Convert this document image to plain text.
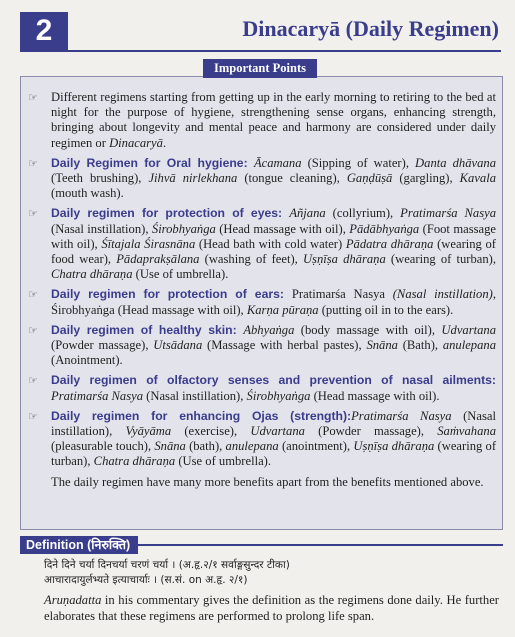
2	Dinacaryā (Daily Regimen)
Important Points
☞ Different regimens starting from getting up in the early morning to retiring to the bed at night for the purpose of hygiene, strengthening sense organs, enhancing strength, bringing about longevity and mental peace and harmony are considered under daily regimen or Dinacaryā.
☞ Daily Regimen for Oral hygiene: Ācamana (Sipping of water), Danta dhāvana (Teeth brushing), Jihvā nirlekhana (tongue cleaning), Gaṇḍūṣā (gargling), Kavala (mouth wash).
☞ Daily regimen for protection of eyes: Añjana (collyrium), Pratimarśa Nasya (Nasal instillation), Śirobhyaṅga (Head massage with oil), Pādābhyaṅga (Foot massage with oil), Śītajala Śirasnāna (Head bath with cold water) Pādatra dhāraṇa (wearing of food wear), Pādaprakṣālana (washing of feet), Uṣṇīṣa dhāraṇa (wearing of turban), Chatra dhāraṇa (Use of umbrella).
☞ Daily regimen for protection of ears: Pratimarśa Nasya (Nasal instillation), Śirobhyaṅga (Head massage with oil), Karṇa pūraṇa (putting oil in to the ears).
☞ Daily regimen of healthy skin: Abhyaṅga (body massage with oil), Udvartana (Powder massage), Utsādana (Massage with herbal pastes), Snāna (Bath), anulepana (Anointment).
☞ Daily regimen of olfactory senses and prevention of nasal ailments: Pratimarśa Nasya (Nasal instillation), Śirobhyaṅga (Head massage with oil).
☞ Daily regimen for enhancing Ojas (strength):Pratimarśa Nasya (Nasal instillation), Vyāyāma (exercise), Udvartana (Powder massage), Saṁvahana (pleasurable touch), Snāna (bath), anulepana (anointment), Uṣṇīṣa dhāraṇa (wearing of turban), Chatra dhāraṇa (Use of umbrella).
The daily regimen have many more benefits apart from the benefits mentioned above.
Definition (निरुक्ति)
दिने दिने चर्या दिनचर्या चरणं चर्या । (अ.हृ.२/१ सर्वाङ्गसुन्दर टीका)
आचारादायुर्लभ्यते इत्याचार्याः । (स.सं. on अ.हृ. २/१)
Aruṇadatta in his commentary gives the definition as the regimens done daily. He further elaborates that these regimens are performed to prolong life span.
